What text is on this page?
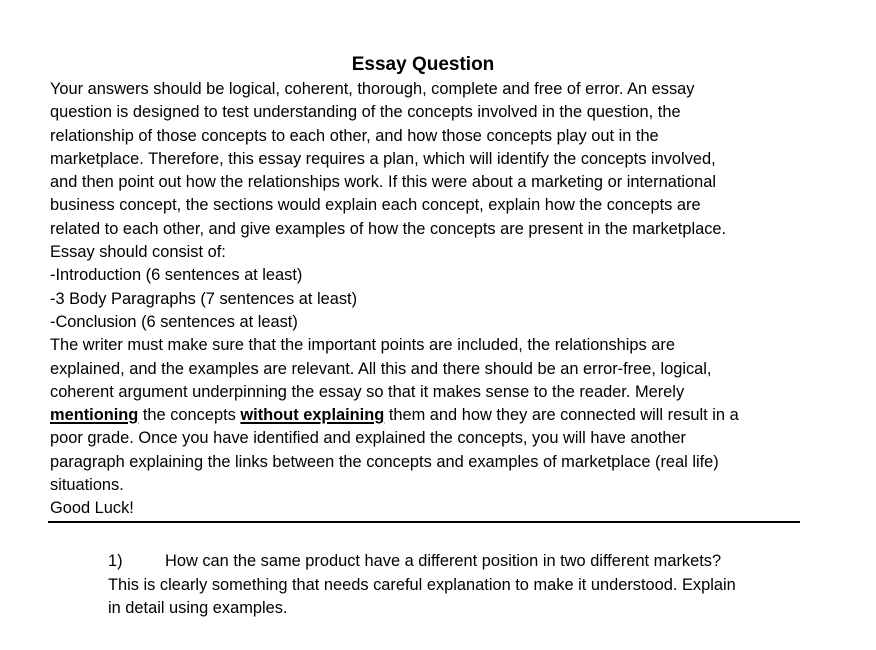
Essay Question
Your answers should be logical, coherent, thorough, complete and free of error. An essay
question is designed to test understanding of the concepts involved in the question, the
relationship of those concepts to each other, and how those concepts play out in the
marketplace. Therefore, this essay requires a plan, which will identify the concepts involved,
and then point out how the relationships work. If this were about a marketing or international
business concept, the sections would explain each concept, explain how the concepts are
related to each other, and give examples of how the concepts are present in the marketplace.
Essay should consist of:
-Introduction (6 sentences at least)
-3 Body Paragraphs (7 sentences at least)
-Conclusion (6 sentences at least)
The writer must make sure that the important points are included, the relationships are
explained, and the examples are relevant. All this and there should be an error-free, logical,
coherent argument underpinning the essay so that it makes sense to the reader. Merely
mentioning the concepts without explaining them and how they are connected will result in a
poor grade. Once you have identified and explained the concepts, you will have another
paragraph explaining the links between the concepts and examples of marketplace (real life)
situations.
Good Luck!
1)	How can the same product have a different position in two different markets?
This is clearly something that needs careful explanation to make it understood. Explain
in detail using examples.
